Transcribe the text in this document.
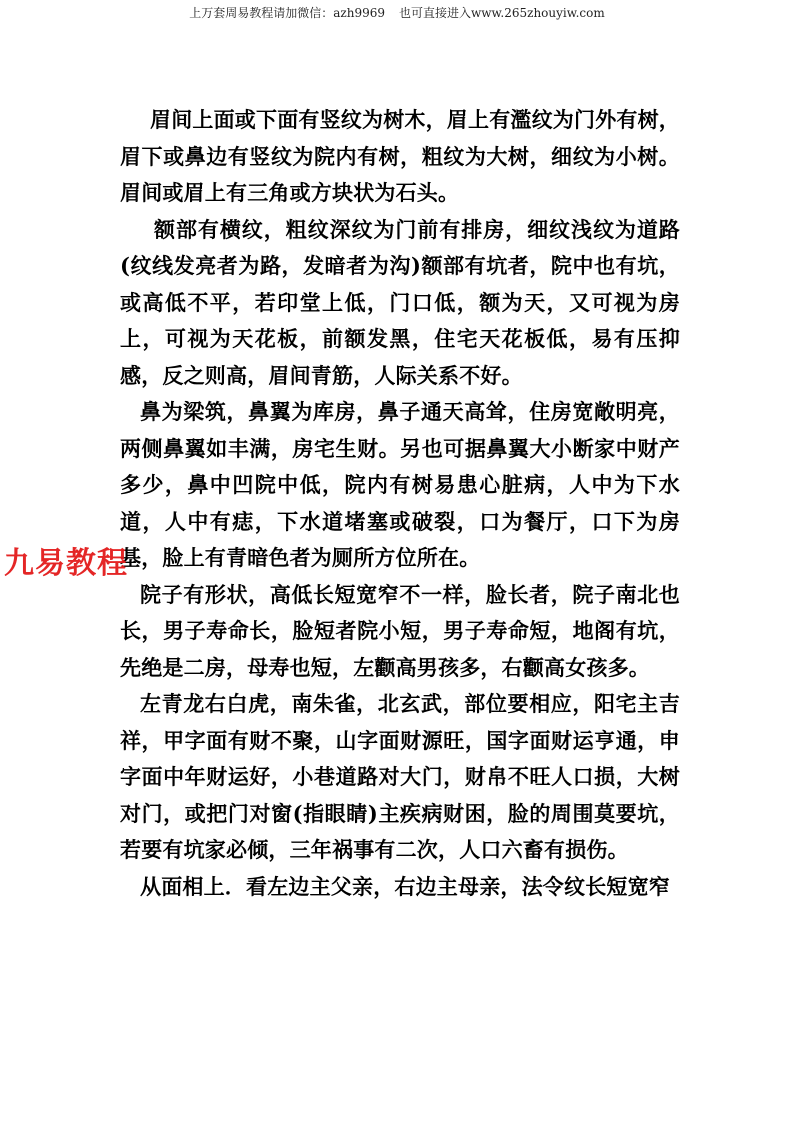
上万套周易教程请加微信：azh9969 也可直接进入www.265zhouyiw.com

眉间上面或下面有竖纹为树木，眉上有濫纹为门外有树，眉下或鼻边有竖纹为院内有树，粗纹为大树，细纹为小树。眉间或眉上有三角或方块状为石头。

额部有横纹，粗纹深纹为门前有排房，细纹浅纹为道路(纹线发亮者为路，发暗者为沟)额部有坑者，院中也有坑，或高低不平，若印堂上低，门口低，额为天，又可视为房上，可视为天花板，前额发黑，住宅天花板低，易有压抑感，反之则高，眉间青筋，人际关系不好。

鼻为梁筑，鼻翼为库房，鼻子通天高耸，住房宽敞明亮，两侧鼻翼如丰满，房宅生财。另也可据鼻翼大小断家中财产多少，鼻中凹院中低，院内有树易患心脏病，人中为下水道，人中有痣，下水道堵塞或破裂，口为餐厅，口下为房基，脸上有青暗色者为厕所方位所在。

院子有形状，高低长短宽窄不一样，脸长者，院子南北也长，男子寿命长，脸短者院小短，男子寿命短，地阁有坑，先绝是二房，母寿也短，左颧高男孩多，右颧高女孩多。

左青龙右白虎，南朱雀，北玄武，部位要相应，阳宅主吉祥，甲字面有财不聚，山字面财源旺，国字面财运亨通，申字面中年财运好，小巷道路对大门，财帛不旺人口损，大树对门，或把门对窗(指眼睛)主疾病财困，脸的周围莫要坑，若要有坑家必倾，三年祸事有二次，人口六畜有损伤。

从面相上．看左边主父亲，右边主母亲，法令纹长短宽窄

九易教程
